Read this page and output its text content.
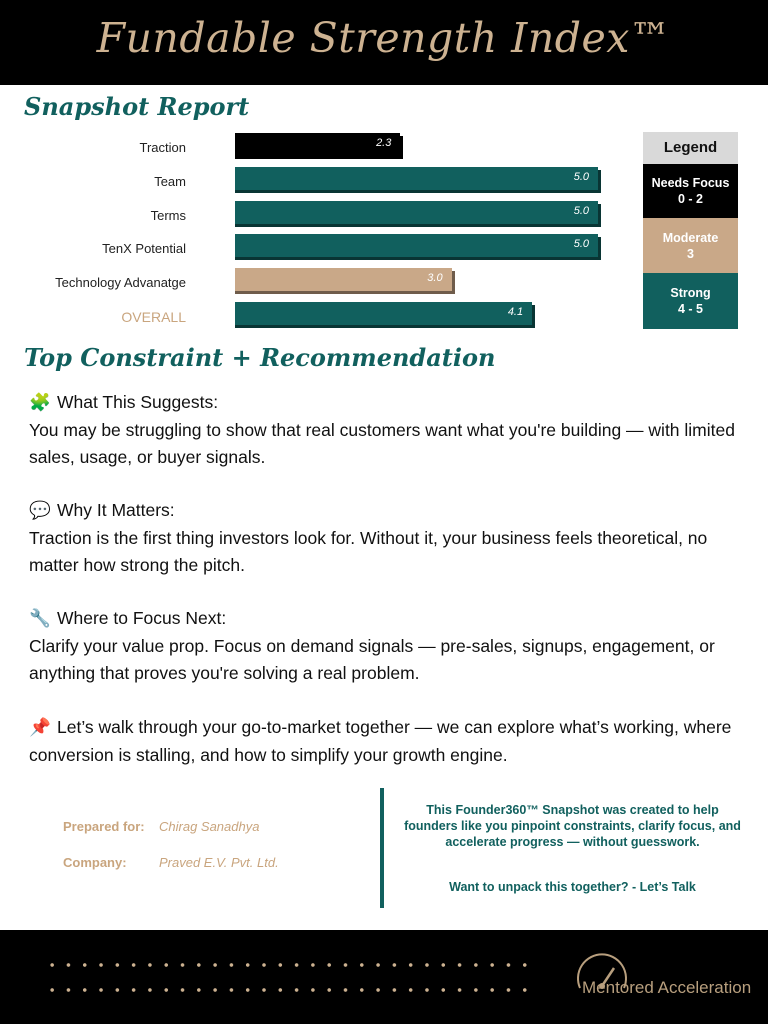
Fundable Strength Index™
Snapshot Report
Traction	2.3
Team	5.0
Terms	5.0
TenX Potential	5.0
Technology Advanatge	3.0
OVERALL	4.1
Legend
Needs Focus
0 - 2
Moderate
3
Strong
4 - 5
Top Constraint + Recommendation
🧩 What This Suggests:
You may be struggling to show that real customers want what you're building — with limited sales, usage, or buyer signals.
💬 Why It Matters:
Traction is the first thing investors look for. Without it, your business feels theoretical, no matter how strong the pitch.
🔧 Where to Focus Next:
Clarify your value prop. Focus on demand signals — pre-sales, signups, engagement, or anything that proves you're solving a real problem.
📌 Let’s walk through your go-to-market together — we can explore what’s working, where conversion is stalling, and how to simplify your growth engine.
Prepared for: Chirag Sanadhya
Company: Praved E.V. Pvt. Ltd.
This Founder360™ Snapshot was created to help founders like you pinpoint constraints, clarify focus, and accelerate progress — without guesswork.
Want to unpack this together? - Let’s Talk
Mentored Acceleration
